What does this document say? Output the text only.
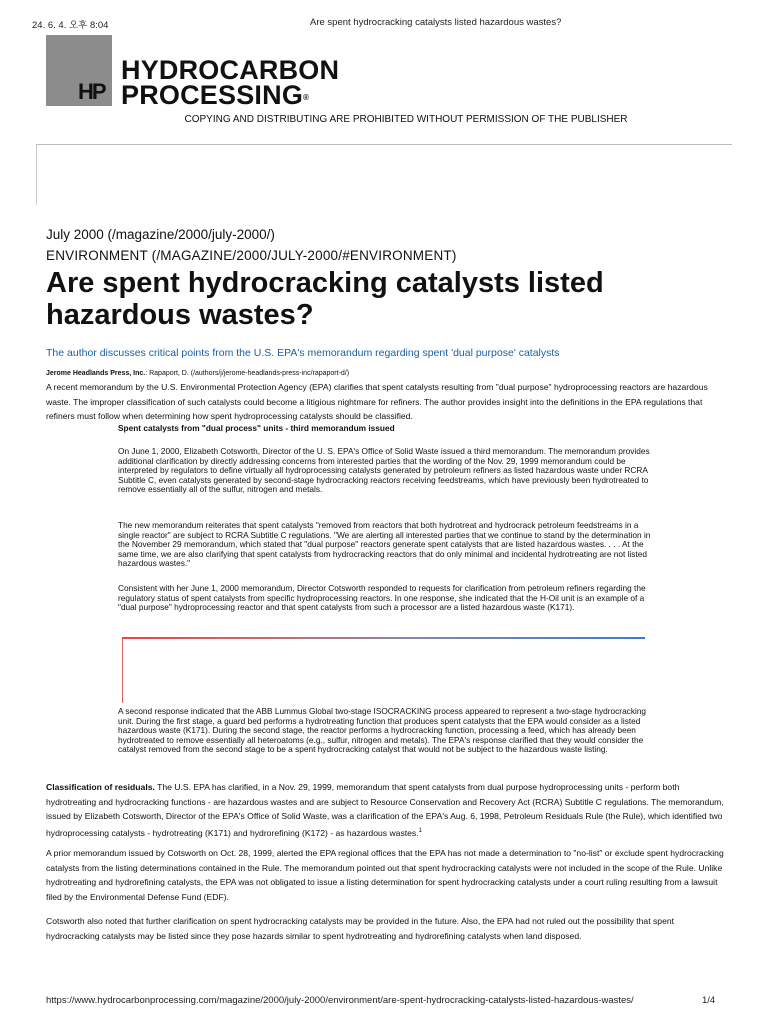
24. 6. 4. 오후 8:04	Are spent hydrocracking catalysts listed hazardous wastes?
HP
HYDROCARBON
PROCESSING®
COPYING AND DISTRIBUTING ARE PROHIBITED WITHOUT PERMISSION OF THE PUBLISHER
July 2000 (/magazine/2000/july-2000/)
ENVIRONMENT (/MAGAZINE/2000/JULY-2000/#ENVIRONMENT)
Are spent hydrocracking catalysts listed hazardous wastes?
The author discusses critical points from the U.S. EPA's memorandum regarding spent 'dual purpose' catalysts
Jerome Headlands Press, Inc.: Rapaport, D. (/authors/j/jerome-headlands-press-inc/rapaport-d/)
A recent memorandum by the U.S. Environmental Protection Agency (EPA) clarifies that spent catalysts resulting from "dual purpose" hydroprocessing reactors are hazardous waste. The improper classification of such catalysts could become a litigious nightmare for refiners. The author provides insight into the definitions in the EPA regulations that refiners must follow when determining how spent hydroprocessing catalysts should be classified.
Spent catalysts from "dual process" units - third memorandum issued
On June 1, 2000, Elizabeth Cotsworth, Director of the U. S. EPA's Office of Solid Waste issued a third memorandum. The memorandum provides additional clarification by directly addressing concerns from interested parties that the wording of the Nov. 29, 1999 memorandum could be interpreted by regulators to define virtually all hydroprocessing catalysts generated by petroleum refiners as listed hazardous waste under RCRA Subtitle C, even catalysts generated by second-stage hydrocracking reactors receiving feedstreams, which have previously been hydrotreated to remove essentially all of the sulfur, nitrogen and metals.
The new memorandum reiterates that spent catalysts "removed from reactors that both hydrotreat and hydrocrack petroleum feedstreams in a single reactor" are subject to RCRA Subtitle C regulations. "We are alerting all interested parties that we continue to stand by the determination in the November 29 memorandum, which stated that "dual purpose" reactors generate spent catalysts that are listed hazardous wastes. . . . At the same time, we are also clarifying that spent catalysts from hydrocracking reactors that do only minimal and incidental hydrotreating are not listed hazardous wastes."
Consistent with her June 1, 2000 memorandum, Director Cotsworth responded to requests for clarification from petroleum refiners regarding the regulatory status of spent catalysts from specific hydroprocessing reactors. In one response, she indicated that the H-Oil unit is an example of a "dual purpose" hydroprocessing reactor and that spent catalysts from such a processor are a listed hazardous waste (K171).
A second response indicated that the ABB Lummus Global two-stage ISOCRACKING process appeared to represent a two-stage hydrocracking unit. During the first stage, a guard bed performs a hydrotreating function that produces spent catalysts that the EPA would consider as a listed hazardous waste (K171). During the second stage, the reactor performs a hydrocracking function, processing a feed, which has already been hydrotreated to remove essentially all heteroatoms (e.g., sulfur, nitrogen and metals). The EPA's response clarified that they would consider the catalyst removed from the second stage to be a spent hydrocracking catalyst that would not be subject to the hazardous waste listing.
Classification of residuals. The U.S. EPA has clarified, in a Nov. 29, 1999, memorandum that spent catalysts from dual purpose hydroprocessing units - perform both hydrotreating and hydrocracking functions - are hazardous wastes and are subject to Resource Conservation and Recovery Act (RCRA) Subtitle C regulations. The memorandum, issued by Elizabeth Cotsworth, Director of the EPA's Office of Solid Waste, was a clarification of the EPA's Aug. 6, 1998, Petroleum Residuals Rule (the Rule), which identified two hydroprocessing catalysts - hydrotreating (K171) and hydrorefining (K172) - as hazardous wastes.$^1$
A prior memorandum issued by Cotsworth on Oct. 28, 1999, alerted the EPA regional offices that the EPA has not made a determination to "no-list" or exclude spent hydrocracking catalysts from the listing determinations contained in the Rule. The memorandum pointed out that spent hydrocracking catalysts were not included in the scope of the Rule. Unlike hydrotreating and hydrorefining catalysts, the EPA was not obligated to issue a listing determination for spent hydrocracking catalysts under a court ruling resulting from a lawsuit filed by the Environmental Defense Fund (EDF).
Cotsworth also noted that further clarification on spent hydrocracking catalysts may be provided in the future. Also, the EPA had not ruled out the possibility that spent hydrocracking catalysts may be listed since they pose hazards similar to spent hydrotreating and hydrorefining catalysts when land disposed.
https://www.hydrocarbonprocessing.com/magazine/2000/july-2000/environment/are-spent-hydrocracking-catalysts-listed-hazardous-wastes/	1/4
